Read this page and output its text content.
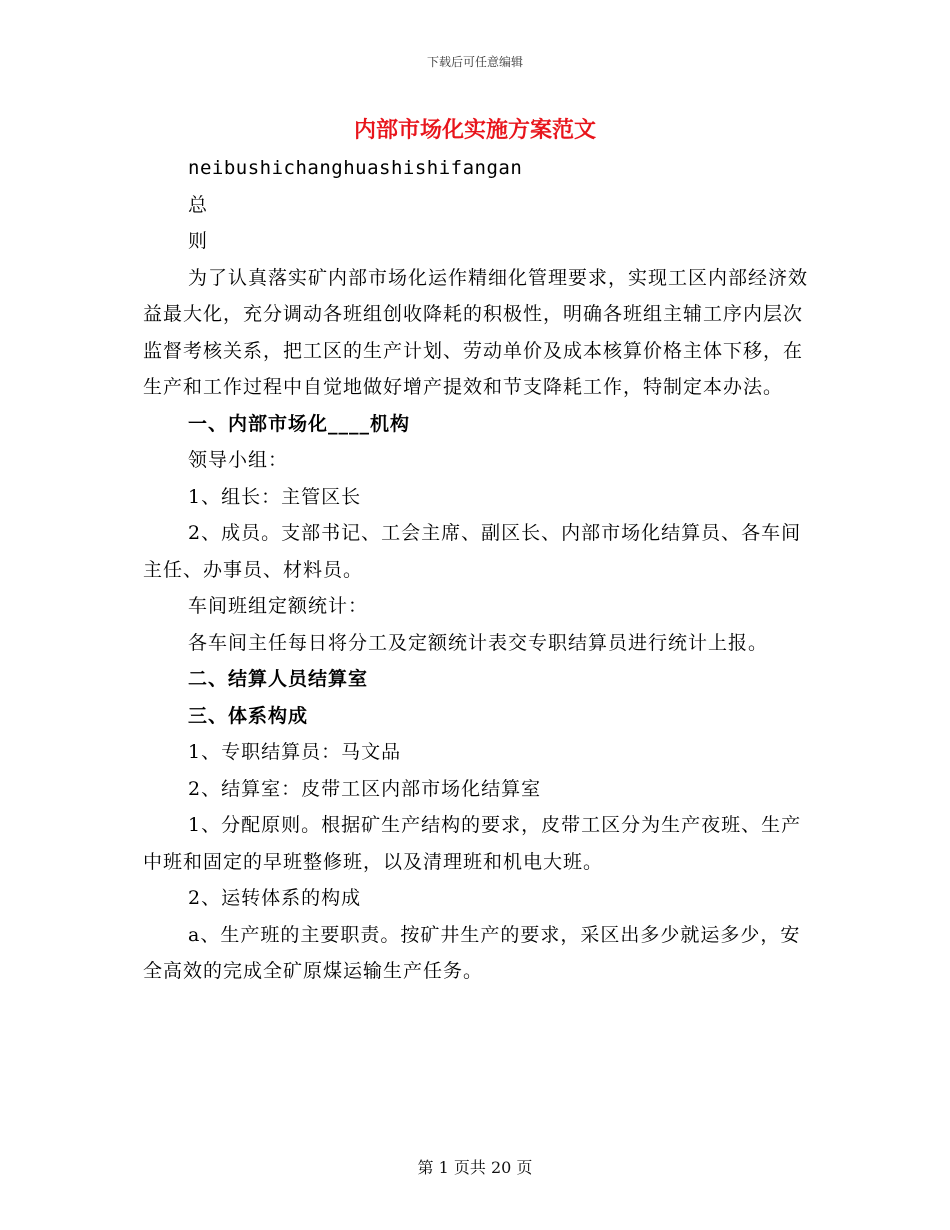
下载后可任意编辑
内部市场化实施方案范文

neibushichanghuashishifangan

总

则

为了认真落实矿内部市场化运作精细化管理要求，实现工区内部经济效益最大化，充分调动各班组创收降耗的积极性，明确各班组主辅工序内层次监督考核关系，把工区的生产计划、劳动单价及成本核算价格主体下移，在生产和工作过程中自觉地做好增产提效和节支降耗工作，特制定本办法。

一、内部市场化____机构

领导小组：

1、组长：主管区长

2、成员。支部书记、工会主席、副区长、内部市场化结算员、各车间主任、办事员、材料员。

车间班组定额统计：

各车间主任每日将分工及定额统计表交专职结算员进行统计上报。

二、结算人员结算室

三、体系构成

1、专职结算员：马文品

2、结算室：皮带工区内部市场化结算室

1、分配原则。根据矿生产结构的要求，皮带工区分为生产夜班、生产中班和固定的早班整修班，以及清理班和机电大班。

2、运转体系的构成

a、生产班的主要职责。按矿井生产的要求，采区出多少就运多少，安全高效的完成全矿原煤运输生产任务。

第 1 页共 20 页
